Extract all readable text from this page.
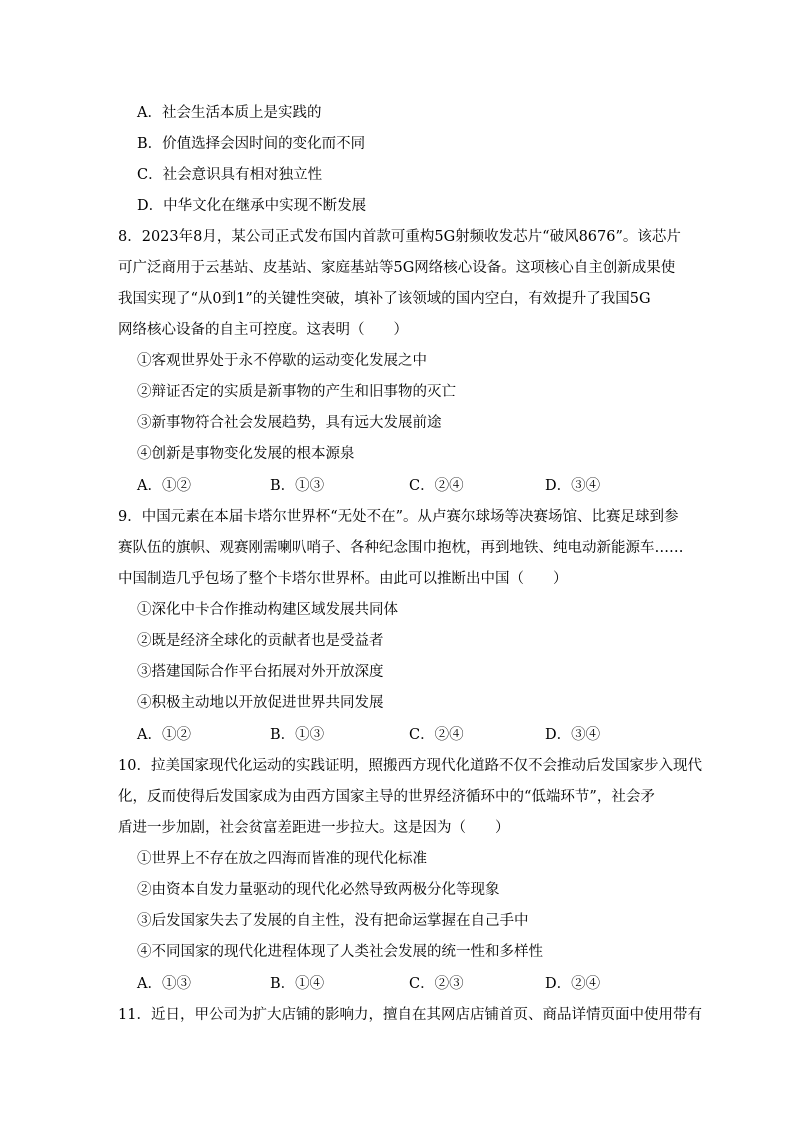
A．社会生活本质上是实践的
B．价值选择会因时间的变化而不同
C．社会意识具有相对独立性
D．中华文化在继承中实现不断发展
8．2023年8月，某公司正式发布国内首款可重构5G射频收发芯片“破风8676”。该芯片
可广泛商用于云基站、皮基站、家庭基站等5G网络核心设备。这项核心自主创新成果使
我国实现了“从0到1”的关键性突破，填补了该领域的国内空白，有效提升了我国5G
网络核心设备的自主可控度。这表明（　　）
①客观世界处于永不停歇的运动变化发展之中
②辩证否定的实质是新事物的产生和旧事物的灭亡
③新事物符合社会发展趋势，具有远大发展前途
④创新是事物变化发展的根本源泉
A．①②	B．①③	C．②④	D．③④
9．中国元素在本届卡塔尔世界杯“无处不在”。从卢赛尔球场等决赛场馆、比赛足球到参
赛队伍的旗帜、观赛刚需喇叭哨子、各种纪念围巾抱枕，再到地铁、纯电动新能源车……
中国制造几乎包场了整个卡塔尔世界杯。由此可以推断出中国（　　）
①深化中卡合作推动构建区域发展共同体
②既是经济全球化的贡献者也是受益者
③搭建国际合作平台拓展对外开放深度
④积极主动地以开放促进世界共同发展
A．①②	B．①③	C．②④	D．③④
10．拉美国家现代化运动的实践证明，照搬西方现代化道路不仅不会推动后发国家步入现代
化，反而使得后发国家成为由西方国家主导的世界经济循环中的“低端环节”，社会矛
盾进一步加剧，社会贫富差距进一步拉大。这是因为（　　）
①世界上不存在放之四海而皆准的现代化标准
②由资本自发力量驱动的现代化必然导致两极分化等现象
③后发国家失去了发展的自主性，没有把命运掌握在自己手中
④不同国家的现代化进程体现了人类社会发展的统一性和多样性
A．①③	B．①④	C．②③	D．②④
11．近日，甲公司为扩大店铺的影响力，擅自在其网店店铺首页、商品详情页面中使用带有
